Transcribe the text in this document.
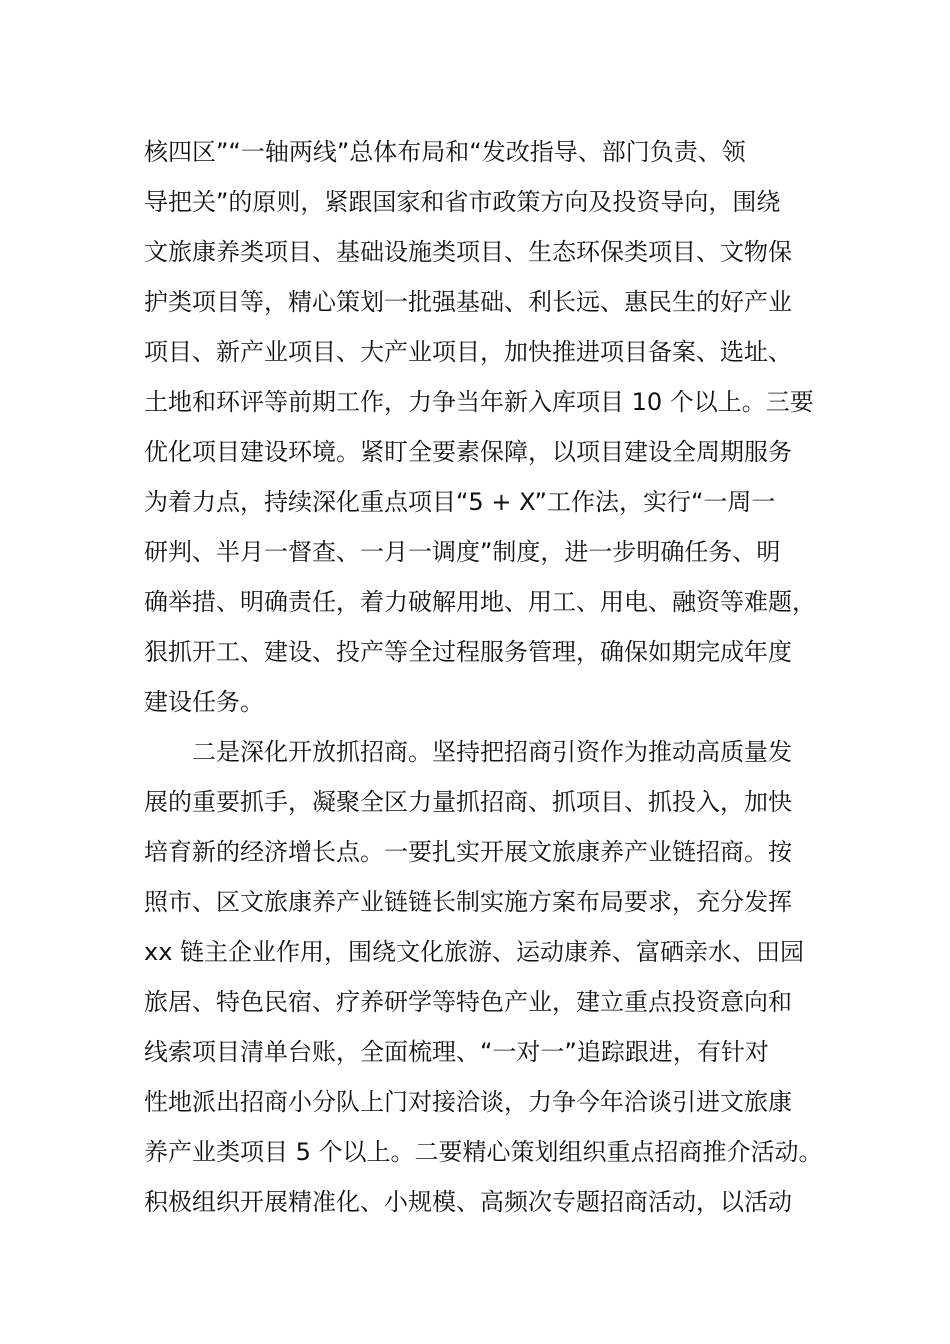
核四区”“一轴两线”总体布局和“发改指导、部门负责、领
导把关”的原则，紧跟国家和省市政策方向及投资导向，围绕
文旅康养类项目、基础设施类项目、生态环保类项目、文物保
护类项目等，精心策划一批强基础、利长远、惠民生的好产业
项目、新产业项目、大产业项目，加快推进项目备案、选址、
土地和环评等前期工作，力争当年新入库项目 10 个以上。三要
优化项目建设环境。紧盯全要素保障，以项目建设全周期服务
为着力点，持续深化重点项目“5 + X”工作法，实行“一周一
研判、半月一督查、一月一调度”制度，进一步明确任务、明
确举措、明确责任，着力破解用地、用工、用电、融资等难题，
狠抓开工、建设、投产等全过程服务管理，确保如期完成年度
建设任务。
二是深化开放抓招商。坚持把招商引资作为推动高质量发
展的重要抓手，凝聚全区力量抓招商、抓项目、抓投入，加快
培育新的经济增长点。一要扎实开展文旅康养产业链招商。按
照市、区文旅康养产业链链长制实施方案布局要求，充分发挥
xx 链主企业作用，围绕文化旅游、运动康养、富硒亲水、田园
旅居、特色民宿、疗养研学等特色产业，建立重点投资意向和
线索项目清单台账，全面梳理、“一对一”追踪跟进，有针对
性地派出招商小分队上门对接洽谈，力争今年洽谈引进文旅康
养产业类项目 5 个以上。二要精心策划组织重点招商推介活动。
积极组织开展精准化、小规模、高频次专题招商活动，以活动
